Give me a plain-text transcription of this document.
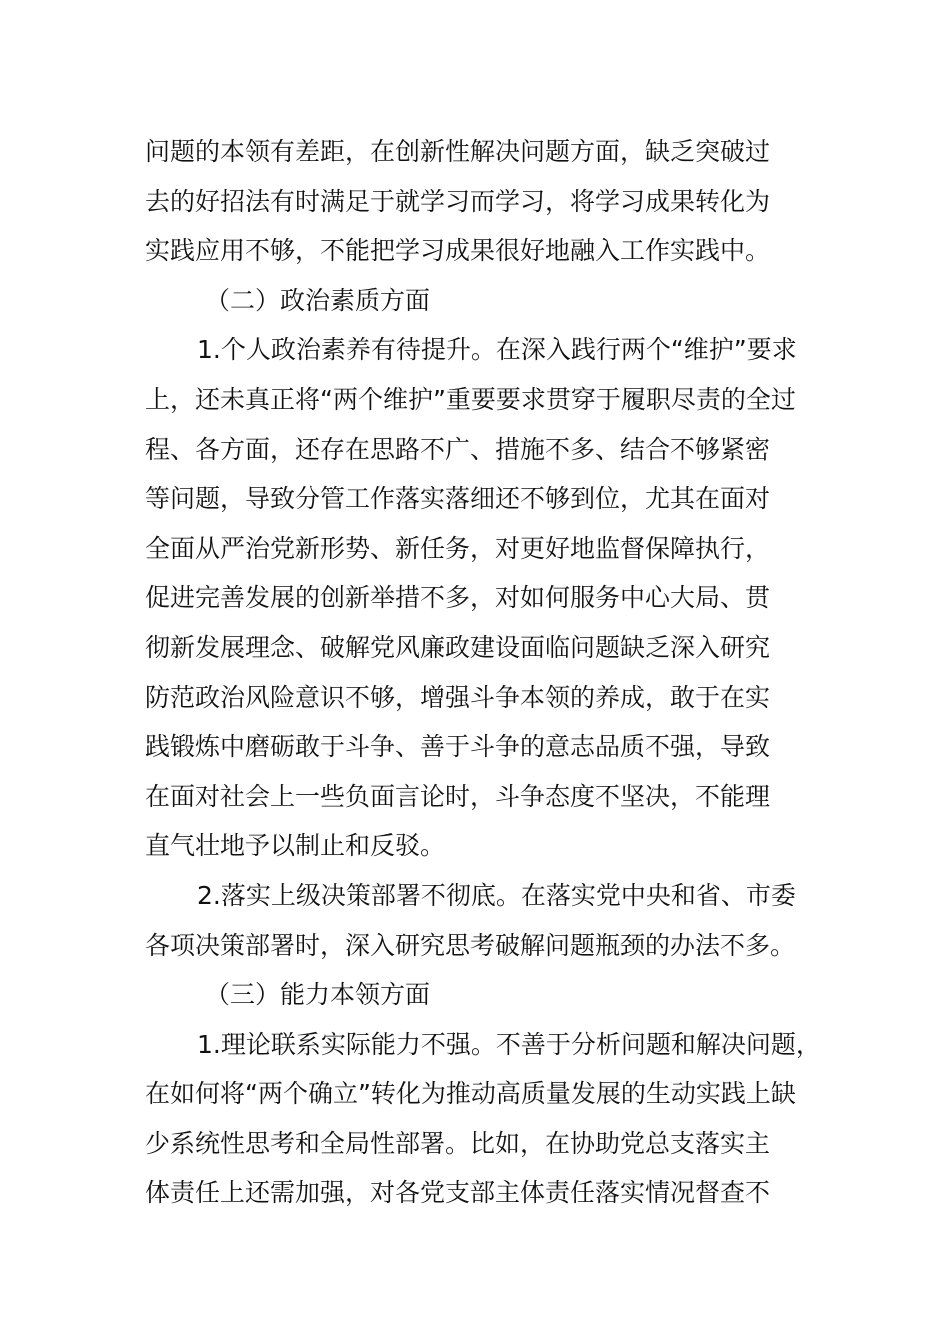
问题的本领有差距，在创新性解决问题方面，缺乏突破过
去的好招法有时满足于就学习而学习，将学习成果转化为
实践应用不够，不能把学习成果很好地融入工作实践中。
（二）政治素质方面
1.个人政治素养有待提升。在深入践行两个“维护”要求
上，还未真正将“两个维护”重要要求贯穿于履职尽责的全过
程、各方面，还存在思路不广、措施不多、结合不够紧密
等问题，导致分管工作落实落细还不够到位，尤其在面对
全面从严治党新形势、新任务，对更好地监督保障执行，
促进完善发展的创新举措不多，对如何服务中心大局、贯
彻新发展理念、破解党风廉政建设面临问题缺乏深入研究
防范政治风险意识不够，增强斗争本领的养成，敢于在实
践锻炼中磨砺敢于斗争、善于斗争的意志品质不强，导致
在面对社会上一些负面言论时，斗争态度不坚决，不能理
直气壮地予以制止和反驳。
2.落实上级决策部署不彻底。在落实党中央和省、市委
各项决策部署时，深入研究思考破解问题瓶颈的办法不多。
（三）能力本领方面
1.理论联系实际能力不强。不善于分析问题和解决问题，
在如何将“两个确立”转化为推动高质量发展的生动实践上缺
少系统性思考和全局性部署。比如，在协助党总支落实主
体责任上还需加强，对各党支部主体责任落实情况督查不
